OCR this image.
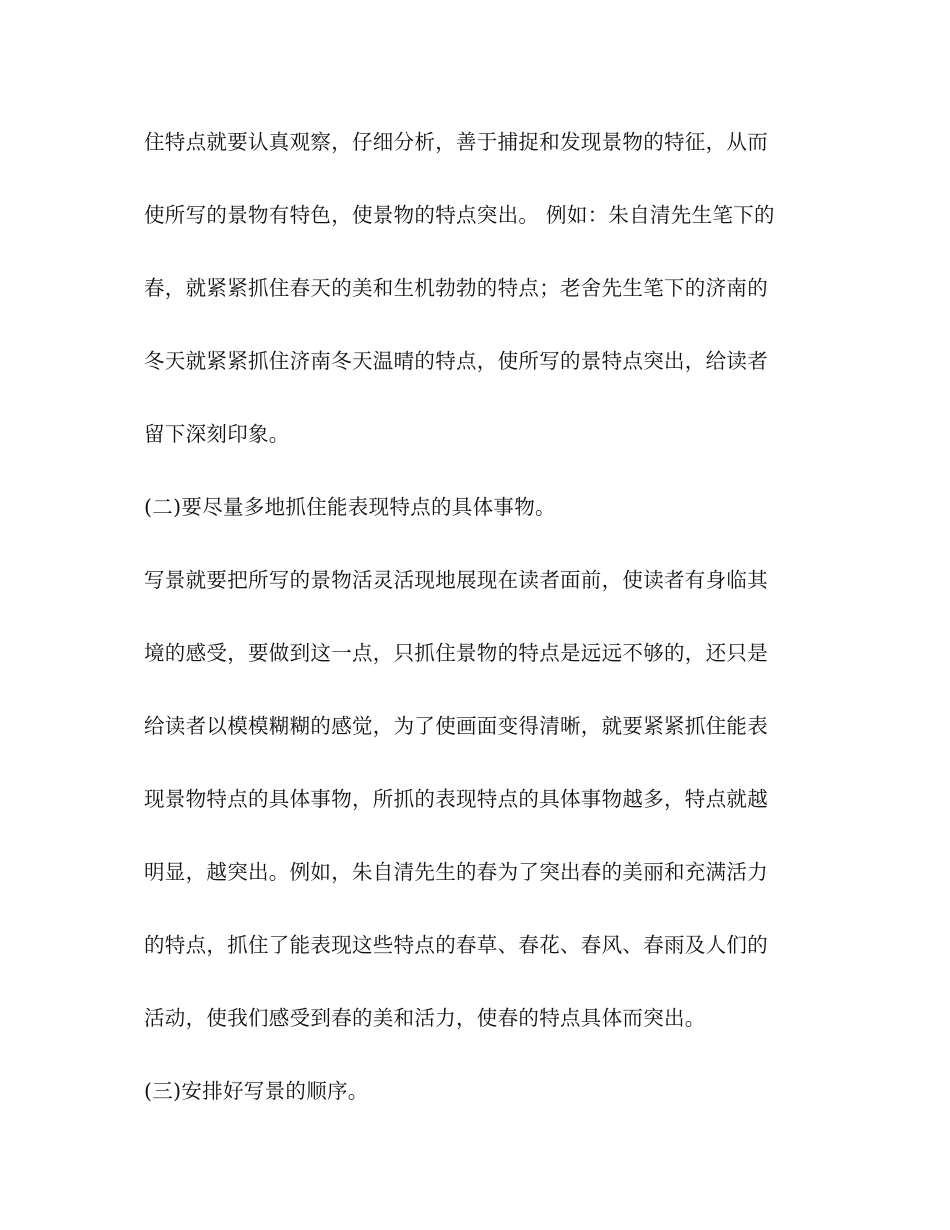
住特点就要认真观察，仔细分析，善于捕捉和发现景物的特征，从而
使所写的景物有特色，使景物的特点突出。 例如：朱自清先生笔下的
春，就紧紧抓住春天的美和生机勃勃的特点；老舍先生笔下的济南的
冬天就紧紧抓住济南冬天温晴的特点，使所写的景特点突出，给读者
留下深刻印象。
(二)要尽量多地抓住能表现特点的具体事物。
写景就要把所写的景物活灵活现地展现在读者面前，使读者有身临其
境的感受，要做到这一点，只抓住景物的特点是远远不够的，还只是
给读者以模模糊糊的感觉，为了使画面变得清晰，就要紧紧抓住能表
现景物特点的具体事物，所抓的表现特点的具体事物越多，特点就越
明显，越突出。例如，朱自清先生的春为了突出春的美丽和充满活力
的特点，抓住了能表现这些特点的春草、春花、春风、春雨及人们的
活动，使我们感受到春的美和活力，使春的特点具体而突出。
(三)安排好写景的顺序。
